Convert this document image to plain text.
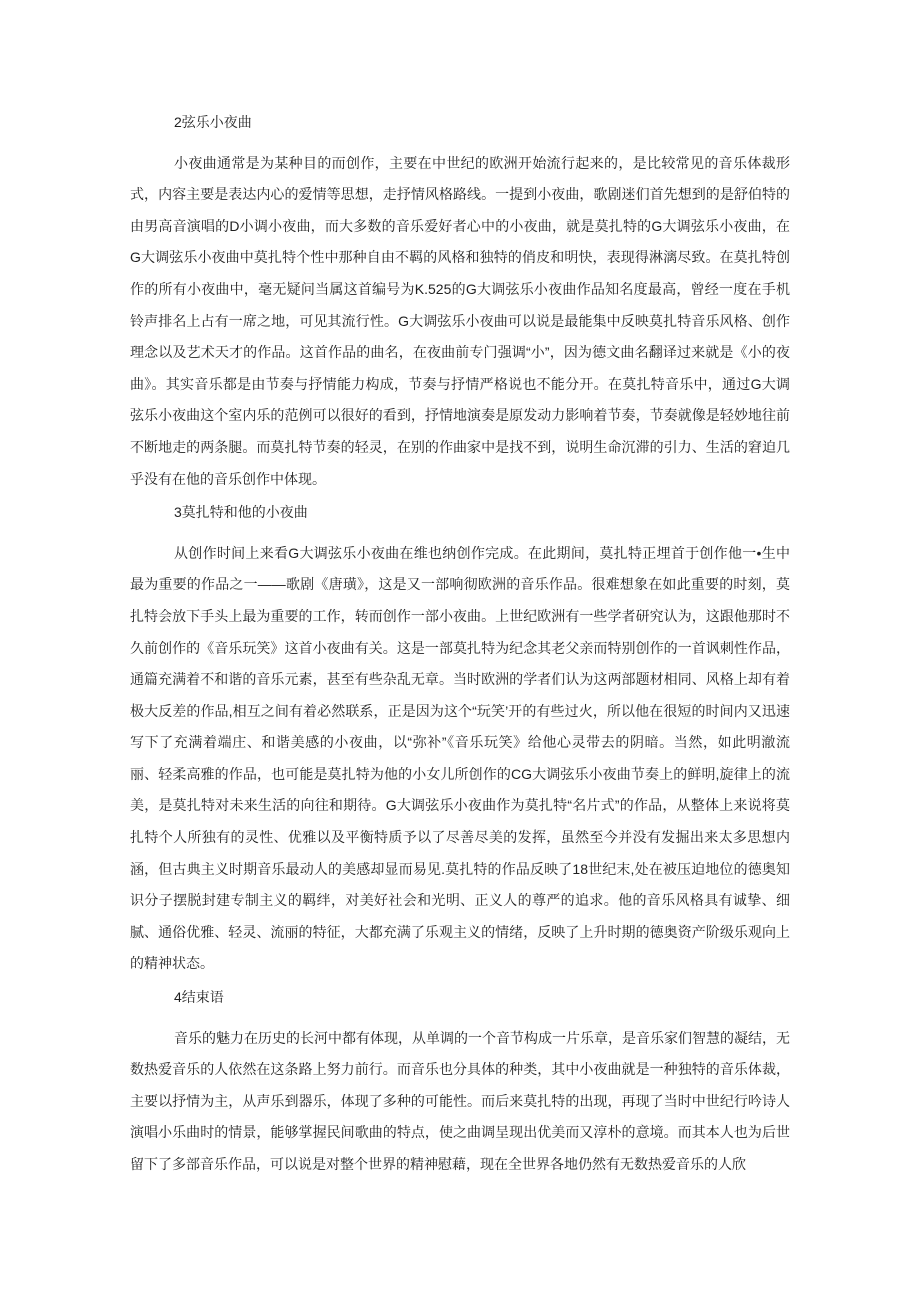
2弦乐小夜曲

小夜曲通常是为某种目的而创作，主要在中世纪的欧洲开始流行起来的，是比较常见的音乐体裁形式，内容主要是表达内心的爱情等思想，走抒情风格路线。一提到小夜曲，歌剧迷们首先想到的是舒伯特的由男高音演唱的D小调小夜曲，而大多数的音乐爱好者心中的小夜曲，就是莫扎特的G大调弦乐小夜曲，在G大调弦乐小夜曲中莫扎特个性中那种自由不羁的风格和独特的俏皮和明快，表现得淋漓尽致。在莫扎特创作的所有小夜曲中，毫无疑问当属这首编号为K.525的G大调弦乐小夜曲作品知名度最高，曾经一度在手机铃声排名上占有一席之地，可见其流行性。G大调弦乐小夜曲可以说是最能集中反映莫扎特音乐风格、创作理念以及艺术天才的作品。这首作品的曲名，在夜曲前专门强调“小”，因为德文曲名翻译过来就是《小的夜曲》。其实音乐都是由节奏与抒情能力构成，节奏与抒情严格说也不能分开。在莫扎特音乐中，通过G大调弦乐小夜曲这个室内乐的范例可以很好的看到，抒情地演奏是原发动力影响着节奏，节奏就像是轻妙地往前不断地走的两条腿。而莫扎特节奏的轻灵，在别的作曲家中是找不到，说明生命沉滞的引力、生活的窘迫几乎没有在他的音乐创作中体现。

3莫扎特和他的小夜曲

从创作时间上来看G大调弦乐小夜曲在维也纳创作完成。在此期间，莫扎特正埋首于创作他一•生中最为重要的作品之一——歌剧《唐璜》，这是又一部响彻欧洲的音乐作品。很难想象在如此重要的时刻，莫扎特会放下手头上最为重要的工作，转而创作一部小夜曲。上世纪欧洲有一些学者研究认为，这跟他那时不久前创作的《音乐玩笑》这首小夜曲有关。这是一部莫扎特为纪念其老父亲而特别创作的一首讽刺性作品，通篇充满着不和谐的音乐元素，甚至有些杂乱无章。当时欧洲的学者们认为这两部题材相同、风格上却有着极大反差的作品,相互之间有着必然联系，正是因为这个“玩笑’开的有些过火，所以他在很短的时间内又迅速写下了充满着端庄、和谐美感的小夜曲，以“弥补”《音乐玩笑》给他心灵带去的阴暗。当然，如此明澈流丽、轻柔高雅的作品，也可能是莫扎特为他的小女儿所创作的CG大调弦乐小夜曲节奏上的鲜明,旋律上的流美，是莫扎特对未来生活的向往和期待。G大调弦乐小夜曲作为莫扎特“名片式”的作品，从整体上来说将莫扎特个人所独有的灵性、优雅以及平衡特质予以了尽善尽美的发挥，虽然至今并没有发掘出来太多思想内涵，但古典主义时期音乐最动人的美感却显而易见.莫扎特的作品反映了18世纪末,处在被压迫地位的德奥知识分子摆脱封建专制主义的羁绊，对美好社会和光明、正义人的尊严的追求。他的音乐风格具有诚挚、细腻、通俗优雅、轻灵、流丽的特征，大都充满了乐观主义的情绪，反映了上升时期的德奥资产阶级乐观向上的精神状态。

4结束语

音乐的魅力在历史的长河中都有体现，从单调的一个音节构成一片乐章，是音乐家们智慧的凝结，无数热爱音乐的人依然在这条路上努力前行。而音乐也分具体的种类，其中小夜曲就是一种独特的音乐体裁，主要以抒情为主，从声乐到器乐，体现了多种的可能性。而后来莫扎特的出现，再现了当时中世纪行吟诗人演唱小乐曲时的情景，能够掌握民间歌曲的特点，使之曲调呈现出优美而又淳朴的意境。而其本人也为后世留下了多部音乐作品，可以说是对整个世界的精神慰藉，现在全世界各地仍然有无数热爱音乐的人欣
